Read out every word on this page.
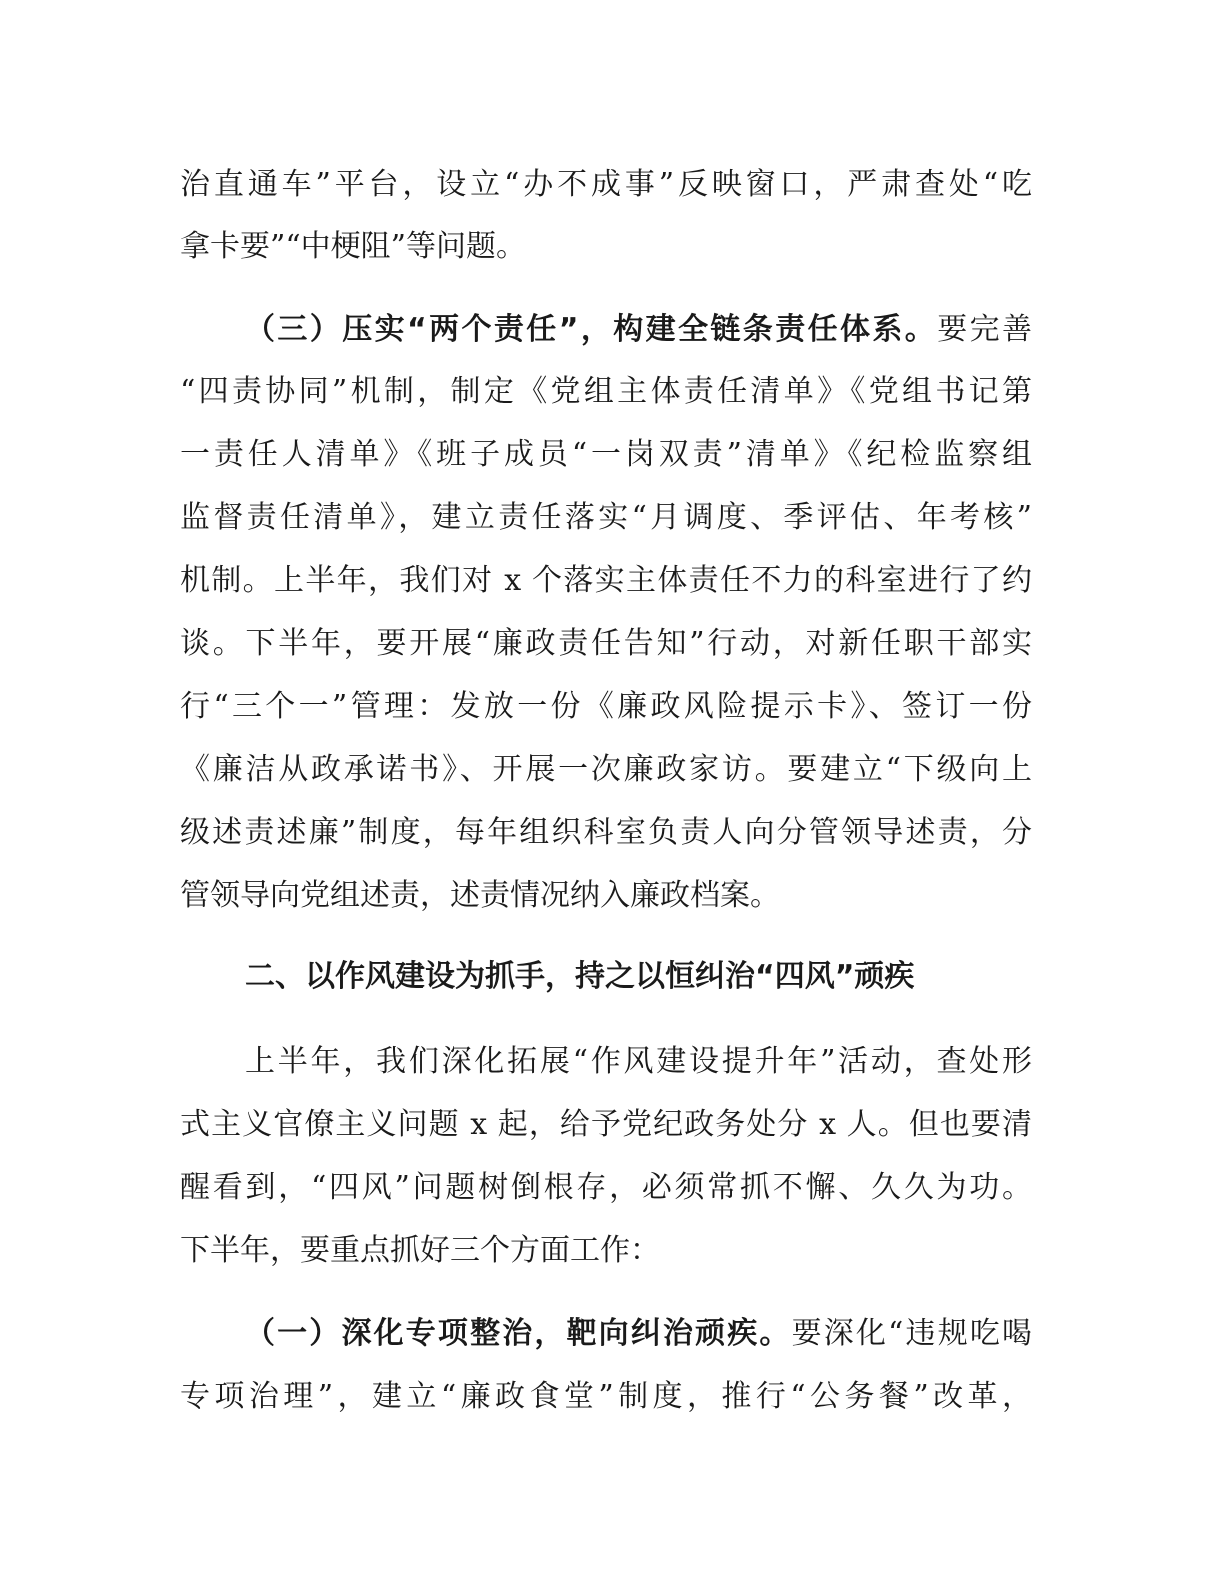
治直通车”平台，设立“办不成事”反映窗口，严肃查处“吃
拿卡要”“中梗阻”等问题。
（三）压实“两个责任”，构建全链条责任体系。要完善
“四责协同”机制，制定《党组主体责任清单》《党组书记第
一责任人清单》《班子成员“一岗双责”清单》《纪检监察组
监督责任清单》，建立责任落实“月调度、季评估、年考核”
机制。上半年，我们对 x 个落实主体责任不力的科室进行了约
谈。下半年，要开展“廉政责任告知”行动，对新任职干部实
行“三个一”管理：发放一份《廉政风险提示卡》、签订一份
《廉洁从政承诺书》、开展一次廉政家访。要建立“下级向上
级述责述廉”制度，每年组织科室负责人向分管领导述责，分
管领导向党组述责，述责情况纳入廉政档案。
二、以作风建设为抓手，持之以恒纠治“四风”顽疾
上半年，我们深化拓展“作风建设提升年”活动，查处形
式主义官僚主义问题 x 起，给予党纪政务处分 x 人。但也要清
醒看到，“四风”问题树倒根存，必须常抓不懈、久久为功。
下半年，要重点抓好三个方面工作：
（一）深化专项整治，靶向纠治顽疾。要深化“违规吃喝
专项治理”，建立“廉政食堂”制度，推行“公务餐”改革，
